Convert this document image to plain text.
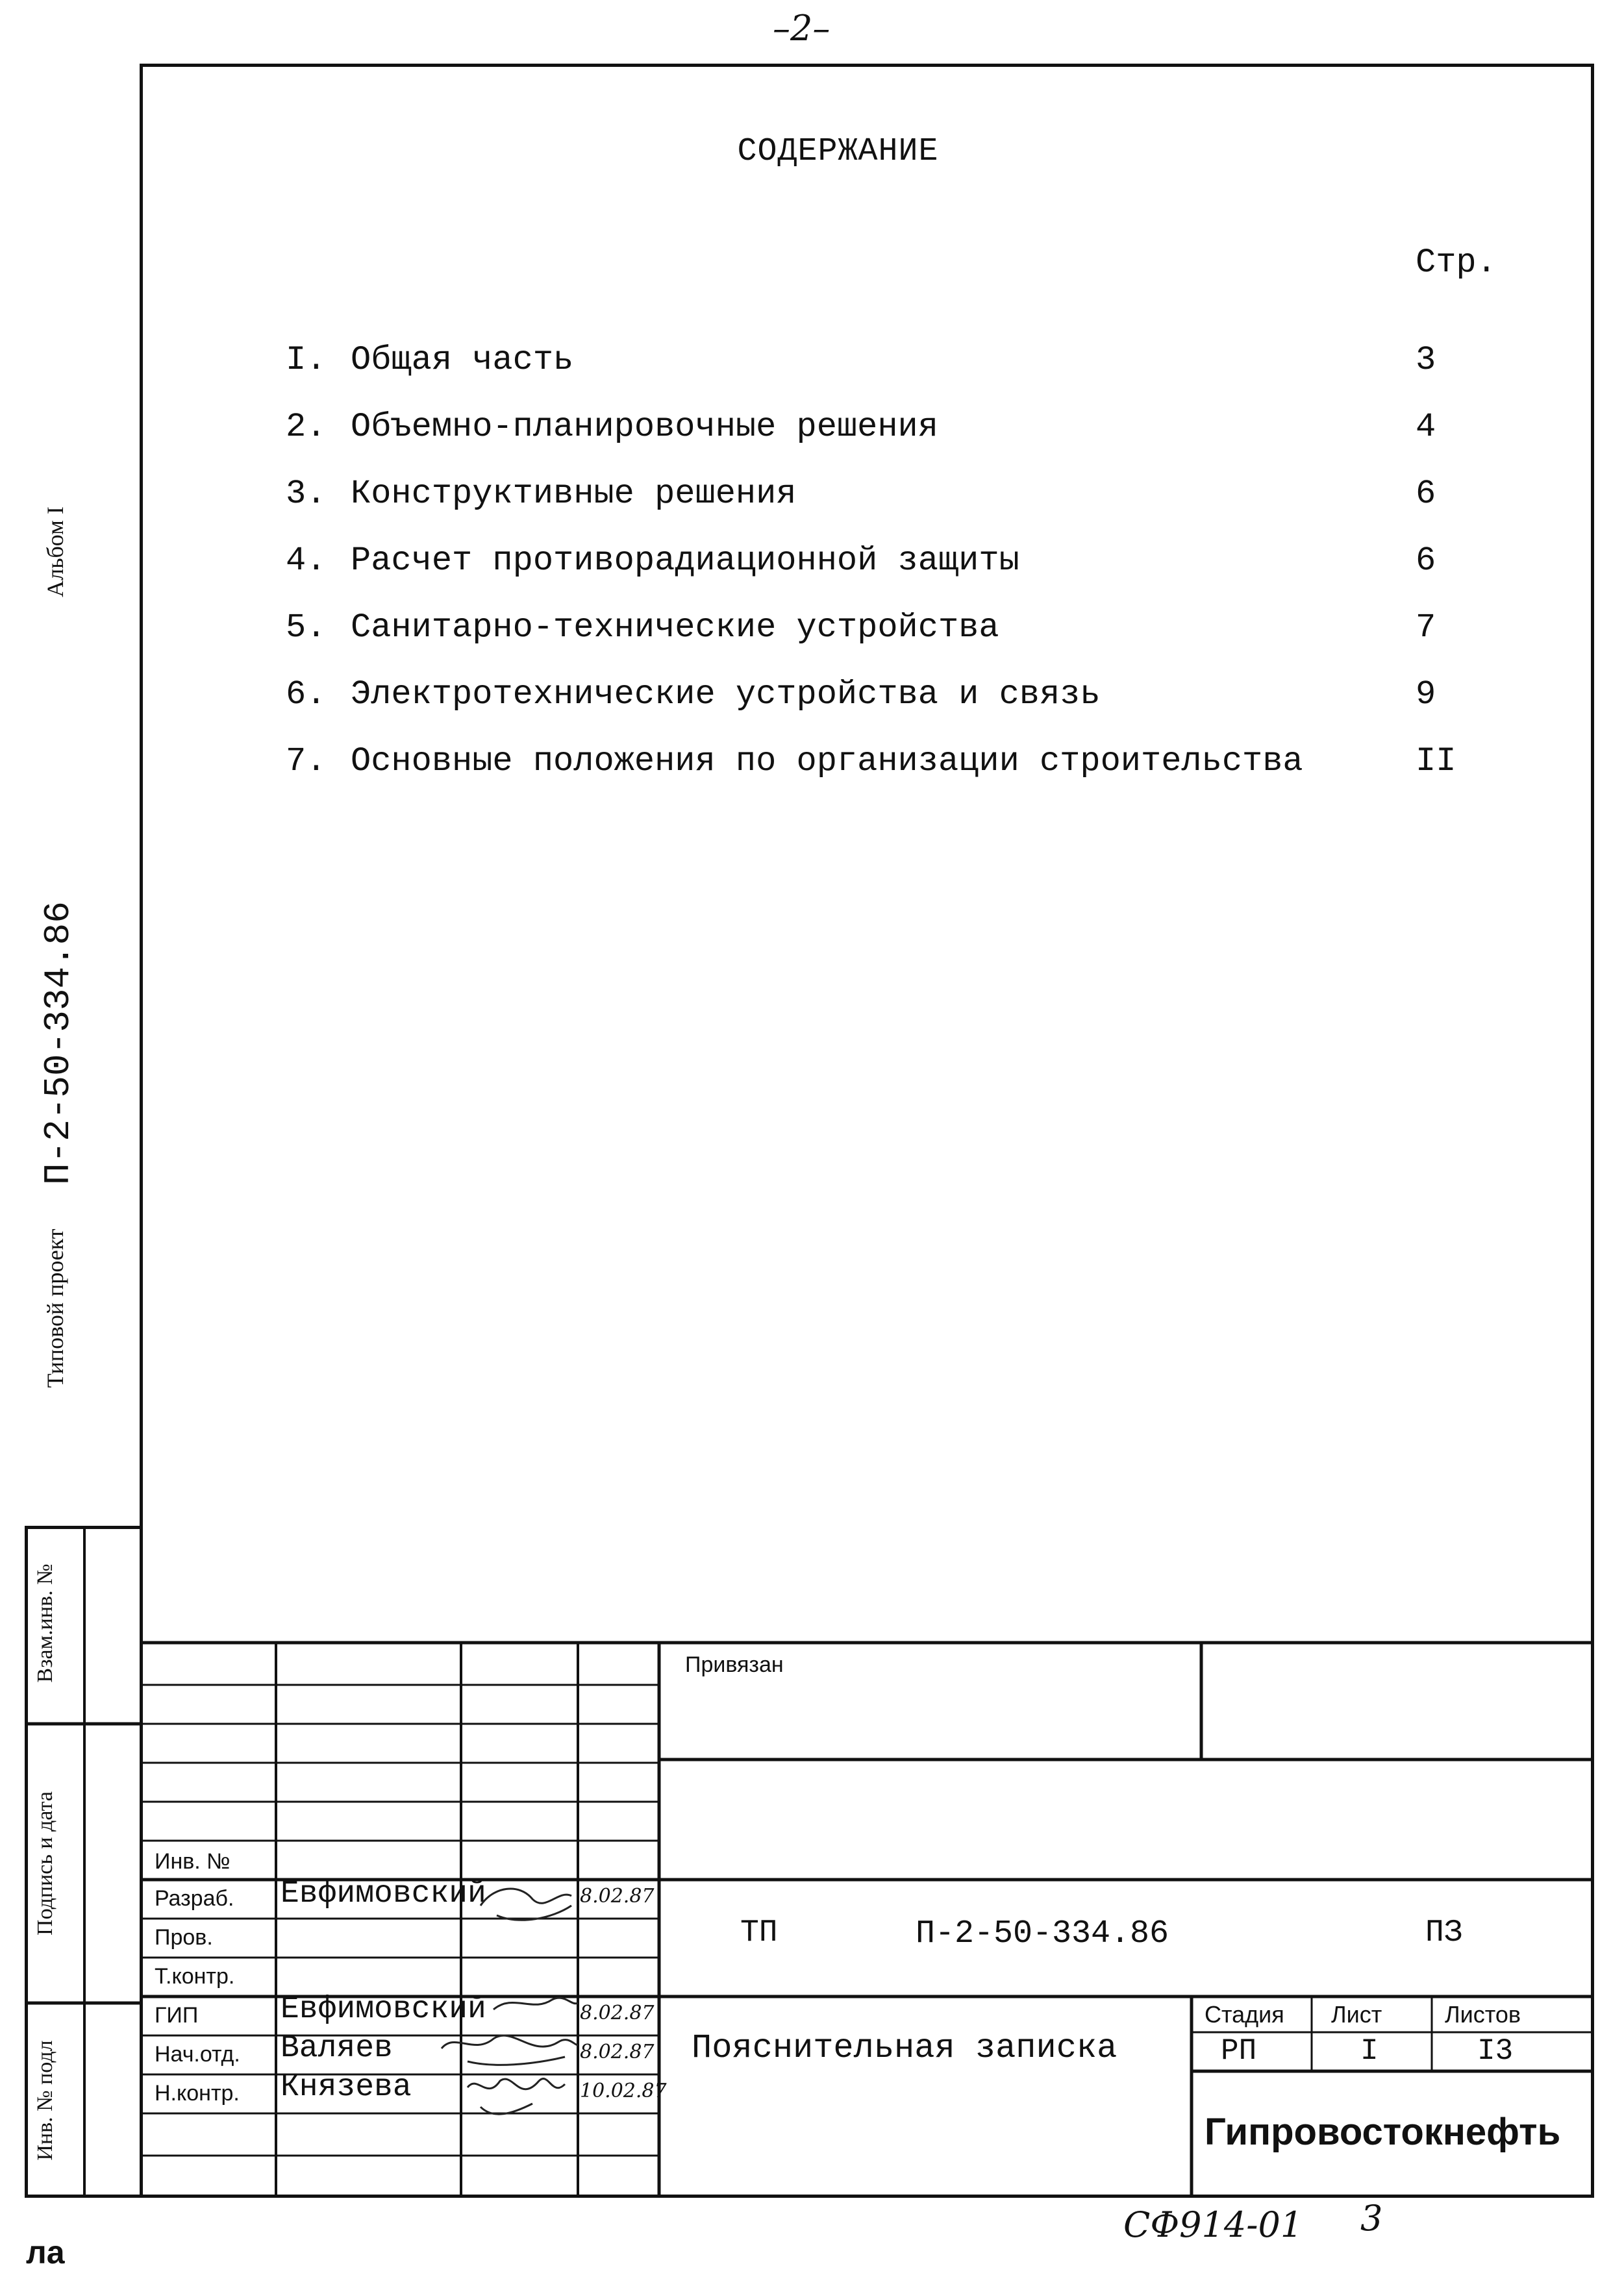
–2–
Альбом I
Типовой проект
П-2-50-334.86
Взам.инв. №
Подпись и дата
Инв. № подл
СОДЕРЖАНИЕ
Стр.
I. Общая часть	3
2. Объемно-планировочные решения	4
3. Конструктивные решения	6
4. Расчет противорадиационной защиты	6
5. Санитарно-технические устройства	7
6. Электротехнические устройства и связь	9
7. Основные положения по организации строительства	II
Привязан
Инв. №
Разраб. Евфимовский	8.02.87
Пров.
Т.контр.
ГИП	Евфимовский	8.02.87
Нач.отд. Валяев	8.02.87
Н.контр. Князева	10.02.87
ТП	П-2-50-334.86	ПЗ
Пояснительная записка
Стадия Лист	Листов
РП	I	I3
Гипровостокнефть
СФ914-01 3
ла
